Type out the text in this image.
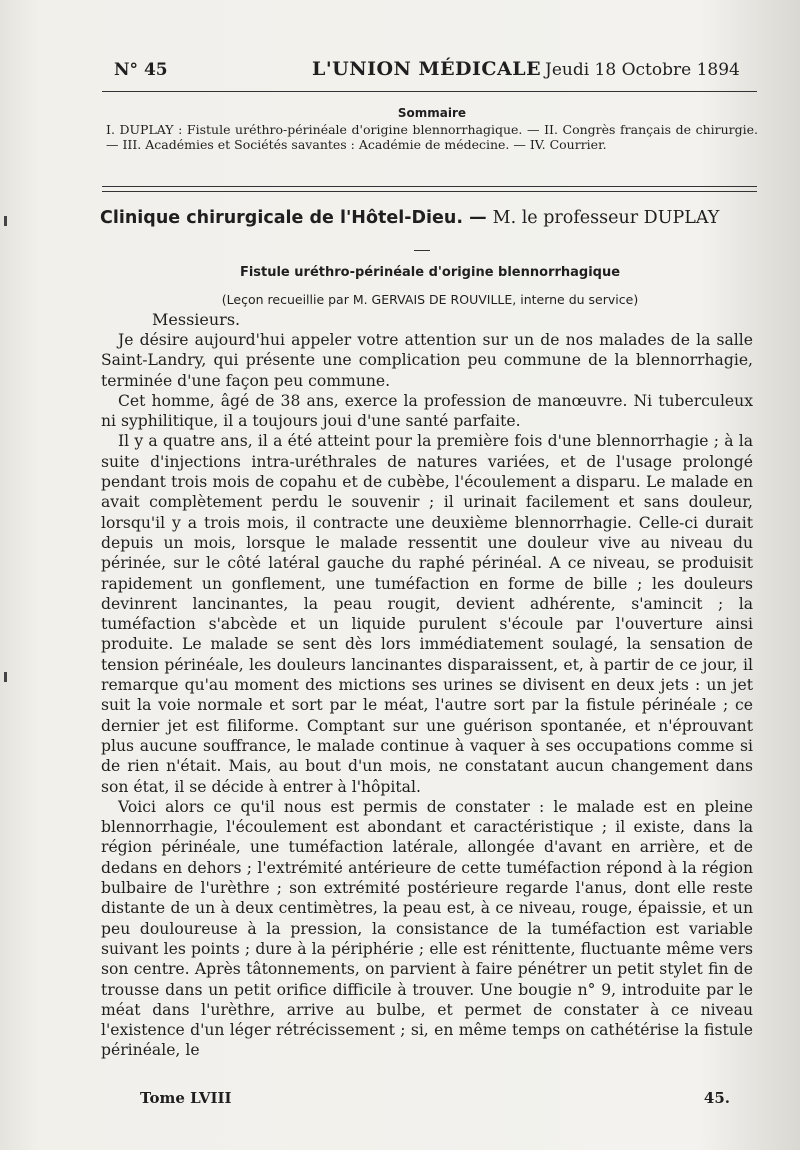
N° 45	L'UNION MÉDICALE Jeudi 18 Octobre 1894
Sommaire

I. DUPLAY : Fistule uréthro-périnéale d'origine blennorrhagique. — II. Congrès français de chirurgie. — III. Académies et Sociétés savantes : Académie de médecine. — IV. Courrier.

Clinique chirurgicale de l'Hôtel-Dieu. — M. le professeur DUPLAY
Fistule uréthro-périnéale d'origine blennorrhagique
(Leçon recueillie par M. GERVAIS DE ROUVILLE, interne du service)
Messieurs.

Je désire aujourd'hui appeler votre attention sur un de nos malades de la salle Saint-Landry, qui présente une complication peu commune de la blennorrhagie, terminée d'une façon peu commune.

Cet homme, âgé de 38 ans, exerce la profession de manœuvre. Ni tuberculeux ni syphilitique, il a toujours joui d'une santé parfaite.

Il y a quatre ans, il a été atteint pour la première fois d'une blennorrhagie ; à la suite d'injections intra-uréthrales de natures variées, et de l'usage prolongé pendant trois mois de copahu et de cubèbe, l'écoulement a disparu. Le malade en avait complètement perdu le souvenir ; il urinait facilement et sans douleur, lorsqu'il y a trois mois, il contracte une deuxième blennorrhagie. Celle-ci durait depuis un mois, lorsque le malade ressentit une douleur vive au niveau du périnée, sur le côté latéral gauche du raphé périnéal. A ce niveau, se produisit rapidement un gonflement, une tuméfaction en forme de bille ; les douleurs devinrent lancinantes, la peau rougit, devient adhérente, s'amincit ; la tuméfaction s'abcède et un liquide purulent s'écoule par l'ouverture ainsi produite. Le malade se sent dès lors immédiatement soulagé, la sensation de tension périnéale, les douleurs lancinantes disparaissent, et, à partir de ce jour, il remarque qu'au moment des mictions ses urines se divisent en deux jets : un jet suit la voie normale et sort par le méat, l'autre sort par la fistule périnéale ; ce dernier jet est filiforme. Comptant sur une guérison spontanée, et n'éprouvant plus aucune souffrance, le malade continue à vaquer à ses occupations comme si de rien n'était. Mais, au bout d'un mois, ne constatant aucun changement dans son état, il se décide à entrer à l'hôpital.

Voici alors ce qu'il nous est permis de constater : le malade est en pleine blennorrhagie, l'écoulement est abondant et caractéristique ; il existe, dans la région périnéale, une tuméfaction latérale, allongée d'avant en arrière, et de dedans en dehors ; l'extrémité antérieure de cette tuméfaction répond à la région bulbaire de l'urèthre ; son extrémité postérieure regarde l'anus, dont elle reste distante de un à deux centimètres, la peau est, à ce niveau, rouge, épaissie, et un peu douloureuse à la pression, la consistance de la tuméfaction est variable suivant les points ; dure à la périphérie ; elle est rénittente, fluctuante même vers son centre. Après tâtonnements, on parvient à faire pénétrer un petit stylet fin de trousse dans un petit orifice difficile à trouver. Une bougie n° 9, introduite par le méat dans l'urèthre, arrive au bulbe, et permet de constater à ce niveau l'existence d'un léger rétrécissement ; si, en même temps on cathétérise la fistule périnéale, le

Tome LVIII	45.
